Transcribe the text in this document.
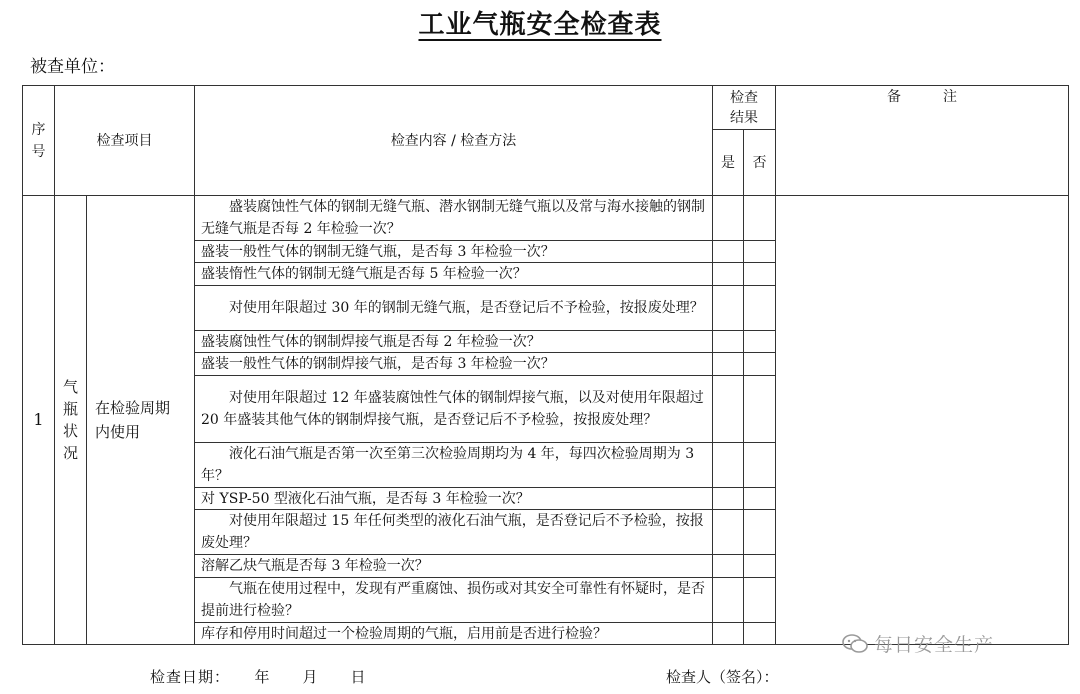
工业气瓶安全检查表
被查单位：
序
号
检查项目	检查内容 / 检查方法
检查
结果
是 否
备　　　注
1
气
瓶
状
况
在检验周期
内使用
盛装腐蚀性气体的钢制无缝气瓶、潜水钢制无缝气瓶以及常与海水接触的钢制无缝气瓶是否每 2 年检验一次？
盛装一般性气体的钢制无缝气瓶，是否每 3 年检验一次？
盛装惰性气体的钢制无缝气瓶是否每 5 年检验一次？
对使用年限超过 30 年的钢制无缝气瓶，是否登记后不予检验，按报废处理？
盛装腐蚀性气体的钢制焊接气瓶是否每 2 年检验一次？
盛装一般性气体的钢制焊接气瓶，是否每 3 年检验一次？
对使用年限超过 12 年盛装腐蚀性气体的钢制焊接气瓶，以及对使用年限超过 20 年盛装其他气体的钢制焊接气瓶，是否登记后不予检验，按报废处理？
液化石油气瓶是否第一次至第三次检验周期均为 4 年，每四次检验周期为 3 年？
对 YSP-50 型液化石油气瓶，是否每 3 年检验一次？
对使用年限超过 15 年任何类型的液化石油气瓶，是否登记后不予检验，按报废处理？
溶解乙炔气瓶是否每 3 年检验一次？
气瓶在使用过程中，发现有严重腐蚀、损伤或对其安全可靠性有怀疑时，是否提前进行检验？
库存和停用时间超过一个检验周期的气瓶，启用前是否进行检验？
检查日期：　　年　　月　　日	检查人（签名）：
每日安全生产
